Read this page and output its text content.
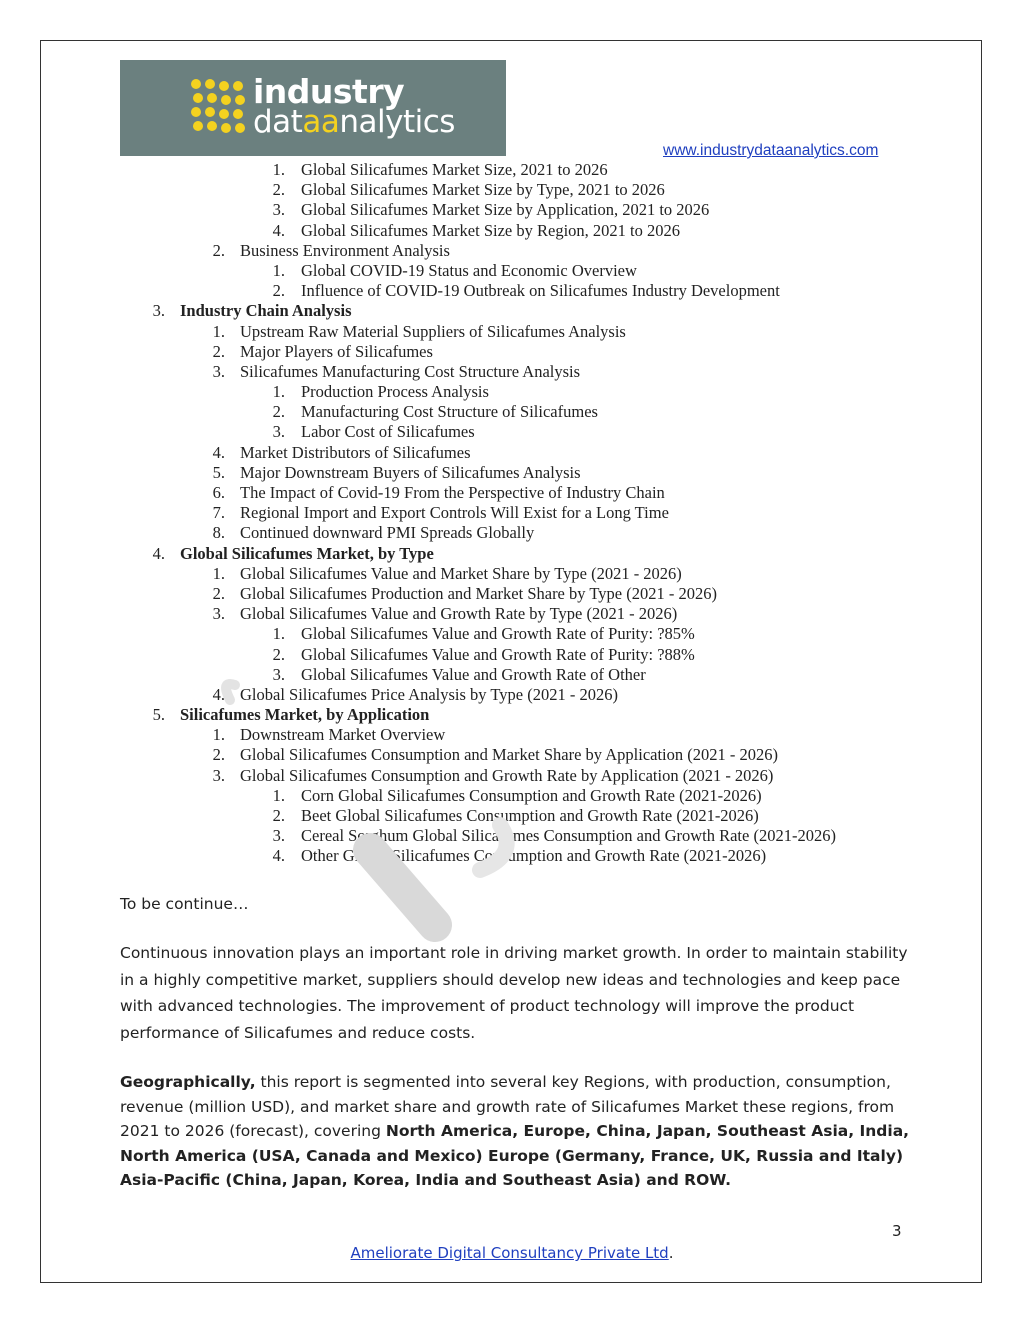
industry
dataanalytics
www.industrydataanalytics.com
1. Global Silicafumes Market Size, 2021 to 2026
2. Global Silicafumes Market Size by Type, 2021 to 2026
3. Global Silicafumes Market Size by Application, 2021 to 2026
4. Global Silicafumes Market Size by Region, 2021 to 2026
2. Business Environment Analysis
1. Global COVID-19 Status and Economic Overview
2. Influence of COVID-19 Outbreak on Silicafumes Industry Development
3. Industry Chain Analysis
1. Upstream Raw Material Suppliers of Silicafumes Analysis
2. Major Players of Silicafumes
3. Silicafumes Manufacturing Cost Structure Analysis
1. Production Process Analysis
2. Manufacturing Cost Structure of Silicafumes
3. Labor Cost of Silicafumes
4. Market Distributors of Silicafumes
5. Major Downstream Buyers of Silicafumes Analysis
6. The Impact of Covid-19 From the Perspective of Industry Chain
7. Regional Import and Export Controls Will Exist for a Long Time
8. Continued downward PMI Spreads Globally
4. Global Silicafumes Market, by Type
1. Global Silicafumes Value and Market Share by Type (2021 - 2026)
2. Global Silicafumes Production and Market Share by Type (2021 - 2026)
3. Global Silicafumes Value and Growth Rate by Type (2021 - 2026)
1. Global Silicafumes Value and Growth Rate of Purity: ?85%
2. Global Silicafumes Value and Growth Rate of Purity: ?88%
3. Global Silicafumes Value and Growth Rate of Other
4. Global Silicafumes Price Analysis by Type (2021 - 2026)
5. Silicafumes Market, by Application
1. Downstream Market Overview
2. Global Silicafumes Consumption and Market Share by Application (2021 - 2026)
3. Global Silicafumes Consumption and Growth Rate by Application (2021 - 2026)
1. Corn Global Silicafumes Consumption and Growth Rate (2021-2026)
2. Beet Global Silicafumes Consumption and Growth Rate (2021-2026)
3. Cereal Sorghum Global Silicafumes Consumption and Growth Rate (2021-2026)
4. Other Global Silicafumes Consumption and Growth Rate (2021-2026)
To be continue…
Continuous innovation plays an important role in driving market growth. In order to maintain stability in a highly competitive market, suppliers should develop new ideas and technologies and keep pace with advanced technologies. The improvement of product technology will improve the product performance of Silicafumes and reduce costs.
Geographically, this report is segmented into several key Regions, with production, consumption, revenue (million USD), and market share and growth rate of Silicafumes Market these regions, from 2021 to 2026 (forecast), covering North America, Europe, China, Japan, Southeast Asia, India, North America (USA, Canada and Mexico) Europe (Germany, France, UK, Russia and Italy) Asia-Pacific (China, Japan, Korea, India and Southeast Asia) and ROW.
3
Ameliorate Digital Consultancy Private Ltd.
